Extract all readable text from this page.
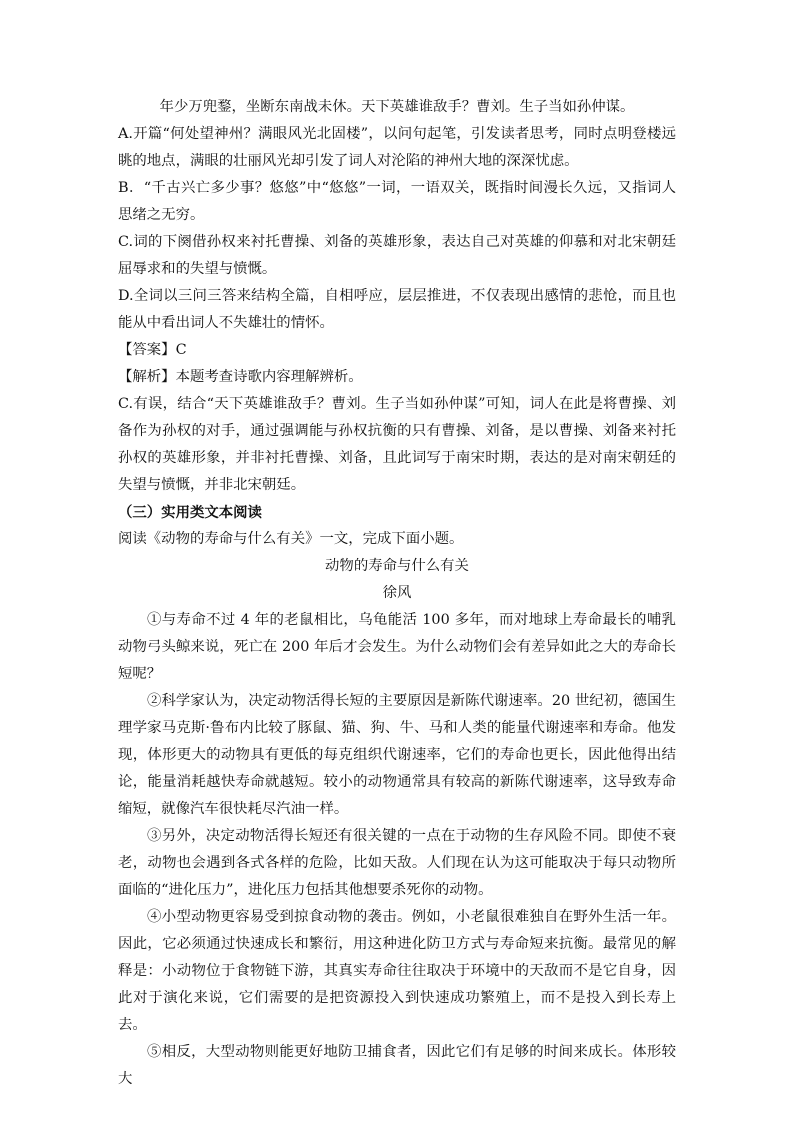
年少万兜鍪，坐断东南战未休。天下英雄谁敌手？曹刘。生子当如孙仲谋。

A.开篇“何处望神州？满眼风光北固楼”，以问句起笔，引发读者思考，同时点明登楼远眺的地点，满眼的壮丽风光却引发了词人对沦陷的神州大地的深深忧虑。

B．“千古兴亡多少事？悠悠”中“悠悠”一词，一语双关，既指时间漫长久远，又指词人思绪之无穷。

C.词的下阕借孙权来衬托曹操、刘备的英雄形象，表达自己对英雄的仰慕和对北宋朝廷屈辱求和的失望与愤慨。

D.全词以三问三答来结构全篇，自相呼应，层层推进，不仅表现出感情的悲怆，而且也能从中看出词人不失雄壮的情怀。

【答案】C

【解析】本题考查诗歌内容理解辨析。

C.有误，结合“天下英雄谁敌手？曹刘。生子当如孙仲谋”可知，词人在此是将曹操、刘备作为孙权的对手，通过强调能与孙权抗衡的只有曹操、刘备，是以曹操、刘备来衬托孙权的英雄形象，并非衬托曹操、刘备，且此词写于南宋时期，表达的是对南宋朝廷的失望与愤慨，并非北宋朝廷。

（三）实用类文本阅读

阅读《动物的寿命与什么有关》一文，完成下面小题。

动物的寿命与什么有关

徐风

①与寿命不过 4 年的老鼠相比，乌龟能活 100 多年，而对地球上寿命最长的哺乳动物弓头鲸来说，死亡在 200 年后才会发生。为什么动物们会有差异如此之大的寿命长短呢？

②科学家认为，决定动物活得长短的主要原因是新陈代谢速率。20 世纪初，德国生理学家马克斯·鲁布内比较了豚鼠、猫、狗、牛、马和人类的能量代谢速率和寿命。他发现，体形更大的动物具有更低的每克组织代谢速率，它们的寿命也更长，因此他得出结论，能量消耗越快寿命就越短。较小的动物通常具有较高的新陈代谢速率，这导致寿命缩短，就像汽车很快耗尽汽油一样。

③另外，决定动物活得长短还有很关键的一点在于动物的生存风险不同。即使不衰老，动物也会遇到各式各样的危险，比如天敌。人们现在认为这可能取决于每只动物所面临的“进化压力”，进化压力包括其他想要杀死你的动物。

④小型动物更容易受到掠食动物的袭击。例如，小老鼠很难独自在野外生活一年。因此，它必须通过快速成长和繁衍，用这种进化防卫方式与寿命短来抗衡。最常见的解释是：小动物位于食物链下游，其真实寿命往往取决于环境中的天敌而不是它自身，因此对于演化来说，它们需要的是把资源投入到快速成功繁殖上，而不是投入到长寿上去。

⑤相反，大型动物则能更好地防卫捕食者，因此它们有足够的时间来成长。体形较大
